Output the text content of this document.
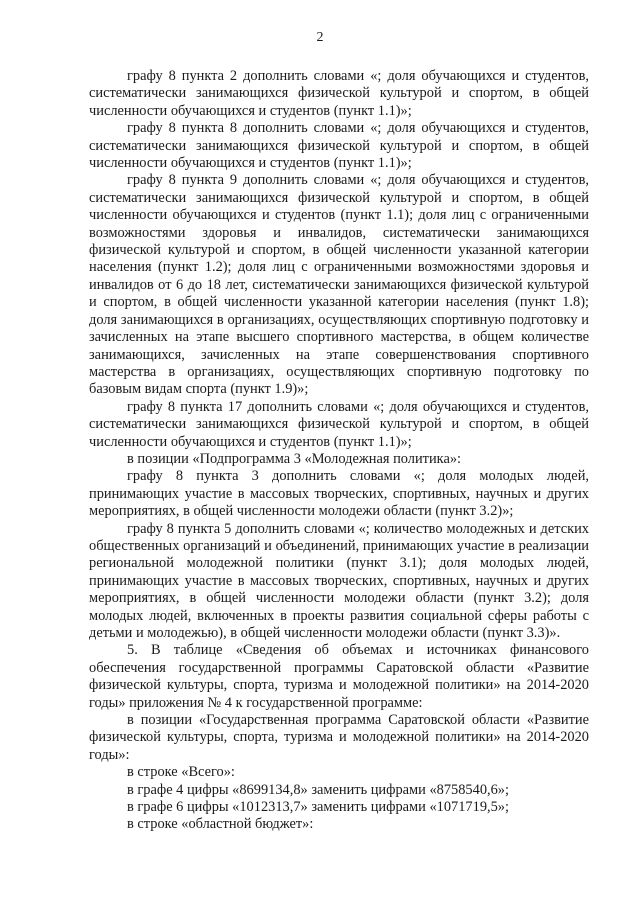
2

графу 8 пункта 2 дополнить словами «; доля обучающихся и студентов, систематически занимающихся физической культурой и спортом, в общей численности обучающихся и студентов (пункт 1.1)»;

графу 8 пункта 8 дополнить словами «; доля обучающихся и студентов, систематически занимающихся физической культурой и спортом, в общей численности обучающихся и студентов (пункт 1.1)»;

графу 8 пункта 9 дополнить словами «; доля обучающихся и студентов, систематически занимающихся физической культурой и спортом, в общей численности обучающихся и студентов (пункт 1.1); доля лиц с ограниченными возможностями здоровья и инвалидов, систематически занимающихся физической культурой и спортом, в общей численности указанной категории населения (пункт 1.2); доля лиц с ограниченными возможностями здоровья и инвалидов от 6 до 18 лет, систематически занимающихся физической культурой и спортом, в общей численности указанной категории населения (пункт 1.8); доля занимающихся в организациях, осуществляющих спортивную подготовку и зачисленных на этапе высшего спортивного мастерства, в общем количестве занимающихся, зачисленных на этапе совершенствования спортивного мастерства в организациях, осуществляющих спортивную подготовку по базовым видам спорта (пункт 1.9)»;

графу 8 пункта 17 дополнить словами «; доля обучающихся и студентов, систематически занимающихся физической культурой и спортом, в общей численности обучающихся и студентов (пункт 1.1)»;

в позиции «Подпрограмма 3 «Молодежная политика»:

графу 8 пункта 3 дополнить словами «; доля молодых людей, принимающих участие в массовых творческих, спортивных, научных и других мероприятиях, в общей численности молодежи области (пункт 3.2)»;

графу 8 пункта 5 дополнить словами «; количество молодежных и детских общественных организаций и объединений, принимающих участие в реализации региональной молодежной политики (пункт 3.1); доля молодых людей, принимающих участие в массовых творческих, спортивных, научных и других мероприятиях, в общей численности молодежи области (пункт 3.2); доля молодых людей, включенных в проекты развития социальной сферы работы с детьми и молодежью), в общей численности молодежи области (пункт 3.3)».

5. В таблице «Сведения об объемах и источниках финансового обеспечения государственной программы Саратовской области «Развитие физической культуры, спорта, туризма и молодежной политики» на 2014-2020 годы» приложения № 4 к государственной программе:

в позиции «Государственная программа Саратовской области «Развитие физической культуры, спорта, туризма и молодежной политики» на 2014-2020 годы»:

в строке «Всего»:

в графе 4 цифры «8699134,8» заменить цифрами «8758540,6»;

в графе 6 цифры «1012313,7» заменить цифрами «1071719,5»;

в строке «областной бюджет»:
